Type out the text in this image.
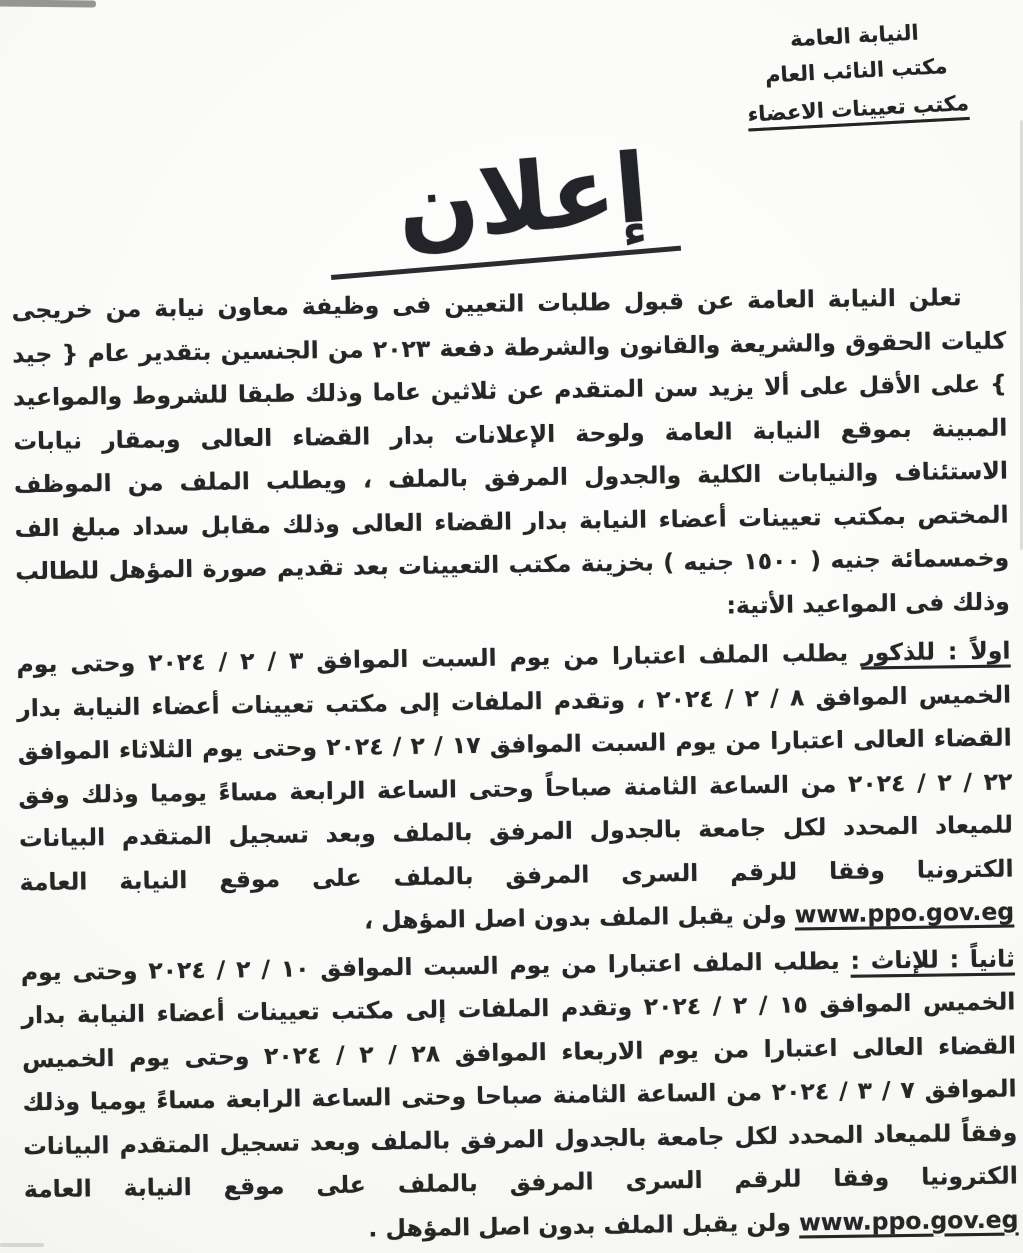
النيابة العامة
مكتب النائب العام
مكتب تعيينات الاعضاء
إعلان

تعلن النيابة العامة عن قبول طلبات التعيين فى وظيفة معاون نيابة من خريجى كليات الحقوق والشريعة والقانون والشرطة دفعة ٢٠٢٣ من الجنسين بتقدير عام { جيد } على الأقل على ألا يزيد سن المتقدم عن ثلاثين عاما وذلك طبقا للشروط والمواعيد المبينة بموقع النيابة العامة ولوحة الإعلانات بدار القضاء العالى وبمقار نيابات الاستئناف والنيابات الكلية والجدول المرفق بالملف ، ويطلب الملف من الموظف المختص بمكتب تعيينات أعضاء النيابة بدار القضاء العالى وذلك مقابل سداد مبلغ الف وخمسمائة جنيه ( ١٥٠٠ جنيه ) بخزينة مكتب التعيينات بعد تقديم صورة المؤهل للطالب وذلك فى المواعيد الأتية:

اولاً : للذكور يطلب الملف اعتبارا من يوم السبت الموافق ٣ / ٢ / ٢٠٢٤ وحتى يوم الخميس الموافق ٨ / ٢ / ٢٠٢٤ ، وتقدم الملفات إلى مكتب تعيينات أعضاء النيابة بدار القضاء العالى اعتبارا من يوم السبت الموافق ١٧ / ٢ / ٢٠٢٤ وحتى يوم الثلاثاء الموافق ٢٢ / ٢ / ٢٠٢٤ من الساعة الثامنة صباحاً وحتى الساعة الرابعة مساءً يوميا وذلك وفق للميعاد المحدد لكل جامعة بالجدول المرفق بالملف وبعد تسجيل المتقدم البيانات الكترونيا وفقا للرقم السرى المرفق بالملف على موقع النيابة العامة www.ppo.gov.eg ولن يقبل الملف بدون اصل المؤهل ،

ثانياً : للإناث : يطلب الملف اعتبارا من يوم السبت الموافق ١٠ / ٢ / ٢٠٢٤ وحتى يوم الخميس الموافق ١٥ / ٢ / ٢٠٢٤ وتقدم الملفات إلى مكتب تعيينات أعضاء النيابة بدار القضاء العالى اعتبارا من يوم الاربعاء الموافق ٢٨ / ٢ / ٢٠٢٤ وحتى يوم الخميس الموافق ٧ / ٣ / ٢٠٢٤ من الساعة الثامنة صباحا وحتى الساعة الرابعة مساءً يوميا وذلك وفقاً للميعاد المحدد لكل جامعة بالجدول المرفق بالملف وبعد تسجيل المتقدم البيانات الكترونيا وفقا للرقم السرى المرفق بالملف على موقع النيابة العامة www.ppo.gov.eg ولن يقبل الملف بدون اصل المؤهل .
